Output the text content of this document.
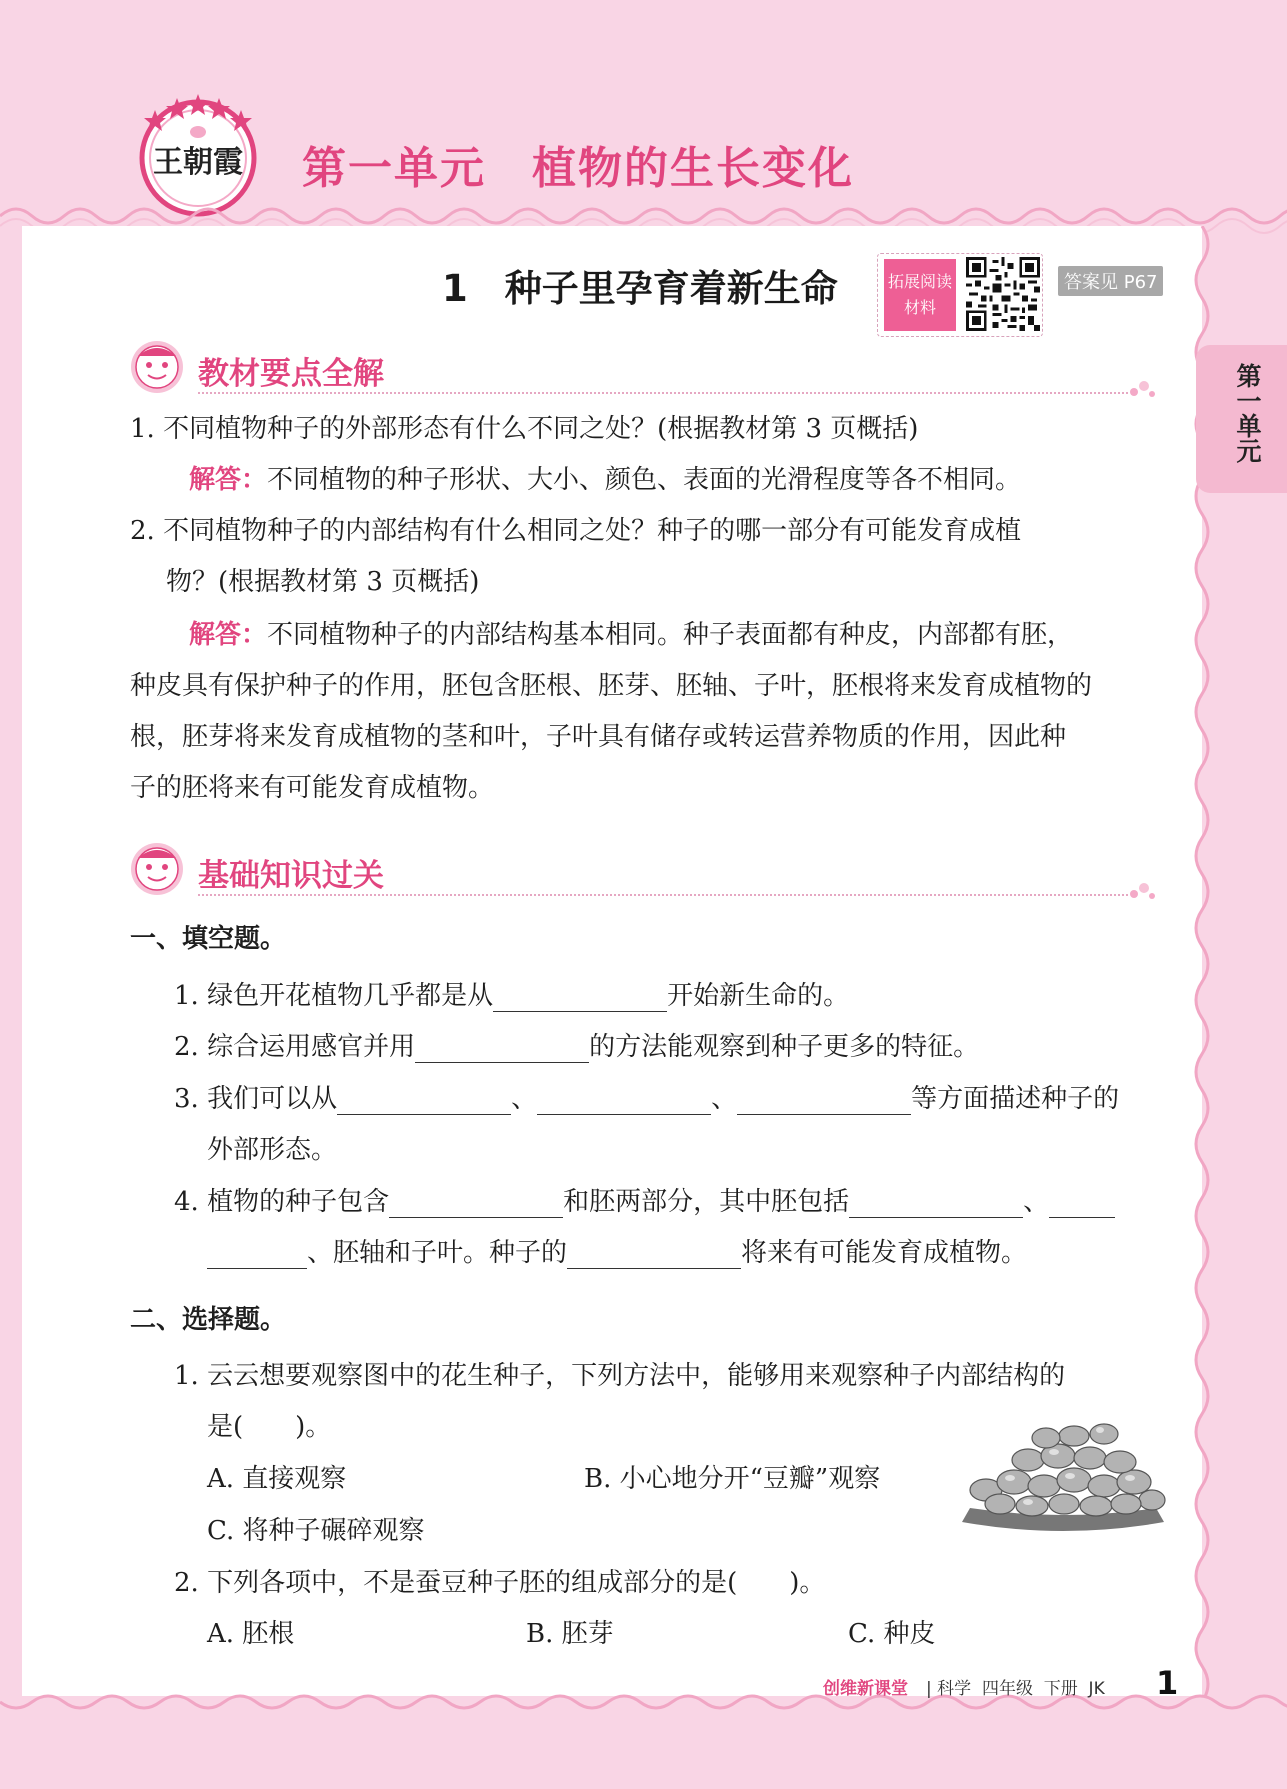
王朝霞 第一单元　植物的生长变化
第一单元
1　种子里孕育着新生命	拓展阅读
材料
答案见 P67
教材要点全解
1. 不同植物种子的外部形态有什么不同之处？(根据教材第 3 页概括)
解答：不同植物的种子形状、大小、颜色、表面的光滑程度等各不相同。
2. 不同植物种子的内部结构有什么相同之处？种子的哪一部分有可能发育成植
物？(根据教材第 3 页概括)
解答：不同植物种子的内部结构基本相同。种子表面都有种皮，内部都有胚，
种皮具有保护种子的作用，胚包含胚根、胚芽、胚轴、子叶，胚根将来发育成植物的
根，胚芽将来发育成植物的茎和叶，子叶具有储存或转运营养物质的作用，因此种
子的胚将来有可能发育成植物。
基础知识过关
一、填空题。
1. 绿色开花植物几乎都是从	开始新生命的。
2. 综合运用感官并用	的方法能观察到种子更多的特征。
3. 我们可以从	、	、	等方面描述种子的
外部形态。
4. 植物的种子包含	和胚两部分，其中胚包括	、
、胚轴和子叶。种子的	将来有可能发育成植物。
二、选择题。
1. 云云想要观察图中的花生种子，下列方法中，能够用来观察种子内部结构的
是(　　)。
A. 直接观察	B. 小心地分开“豆瓣”观察
C. 将种子碾碎观察
2. 下列各项中，不是蚕豆种子胚的组成部分的是(　　)。
A. 胚根	B. 胚芽	C. 种皮
创维新课堂 | 科学  四年级  下册  JK 1
